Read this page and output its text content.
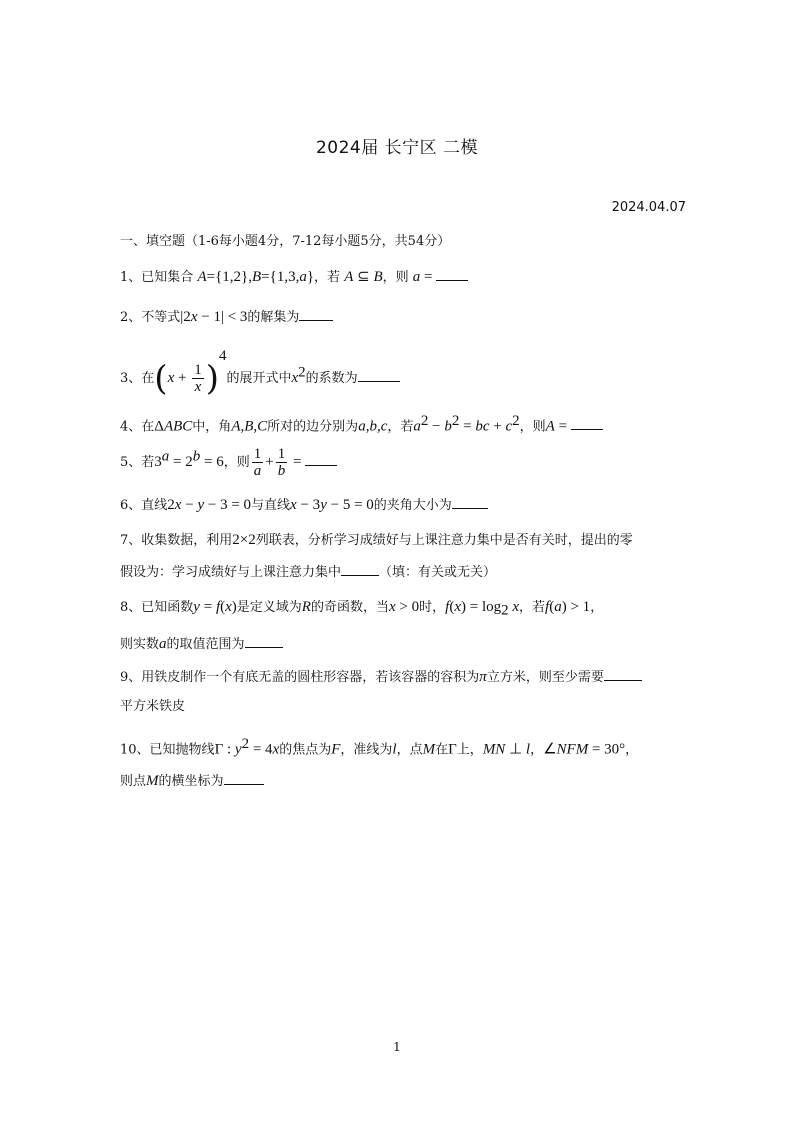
2024届 长宁区 二模
2024.04.07
一、填空题（1-6每小题4分，7-12每小题5分，共54分）
1、已知集合 A={1,2},B={1,3,a}，若 A ⊆ B，则 a =
2、不等式|2x − 1| < 3的解集为
3、在$(x + \frac{1}{x} )^4$的展开式中$x^2$的系数为
4、在ΔABC中，角A,B,C所对的边分别为a,b,c，若$a^2 - b^2$ = bc + $c^2$，则A =
5、若$3^a = 2^b = 6$，则 $\frac{1}{a} + \frac{1}{b}$ =
6、直线2x − y − 3 = 0与直线x − 3y − 5 = 0的夹角大小为
7、收集数据，利用2×2列联表，分析学习成绩好与上课注意力集中是否有关时，提出的零
假设为：学习成绩好与上课注意力集中	（填：有关或无关）
8、已知函数y = f(x)是定义域为R的奇函数，当x > 0时，$f(x) = \log_2 x$，若f(a) > 1，
则实数a的取值范围为
9、用铁皮制作一个有底无盖的圆柱形容器，若该容器的容积为π立方米，则至少需要
平方米铁皮
10、已知抛物线Γ : $y^2 = 4x$的焦点为F，准线为l，点M在Γ上，MN ⊥ l，∠NFM = 30°，
则点M的横坐标为
1
